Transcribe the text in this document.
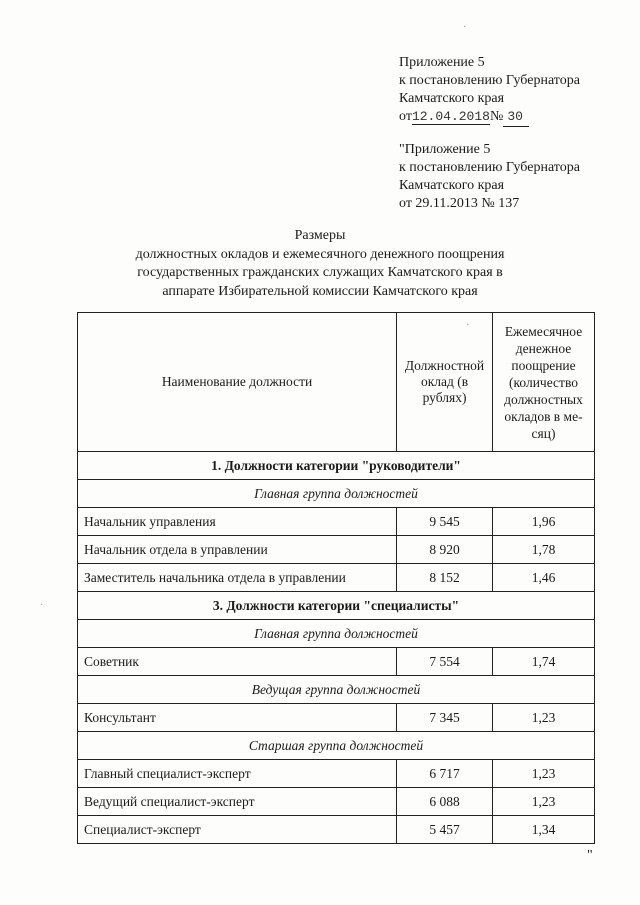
Приложение 5
к постановлению Губернатора
Камчатского края
от12.04.2018№ 30
"Приложение 5
к постановлению Губернатора
Камчатского края
от 29.11.2013 № 137
Размеры
должностных окладов и ежемесячного денежного поощрения
государственных гражданских служащих Камчатского края в
аппарате Избирательной комиссии Камчатского края
Наименование должности	Должностной оклад (в рублях)	Ежемесячное денежное поощрение (количество должностных окладов в ме-сяц)
1. Должности категории "руководители"		
Главная группа должностей		
Начальник управления	9 545	1,96
Начальник отдела в управлении	8 920	1,78
Заместитель начальника отдела в управлении	8 152	1,46
3. Должности категории "специалисты"		
Главная группа должностей		
Советник	7 554	1,74
Ведущая группа должностей		
Консультант	7 345	1,23
Старшая группа должностей		
Главный специалист-эксперт	6 717	1,23
Ведущий специалист-эксперт	6 088	1,23
Специалист-эксперт	5 457	1,34
"
·
·
·
